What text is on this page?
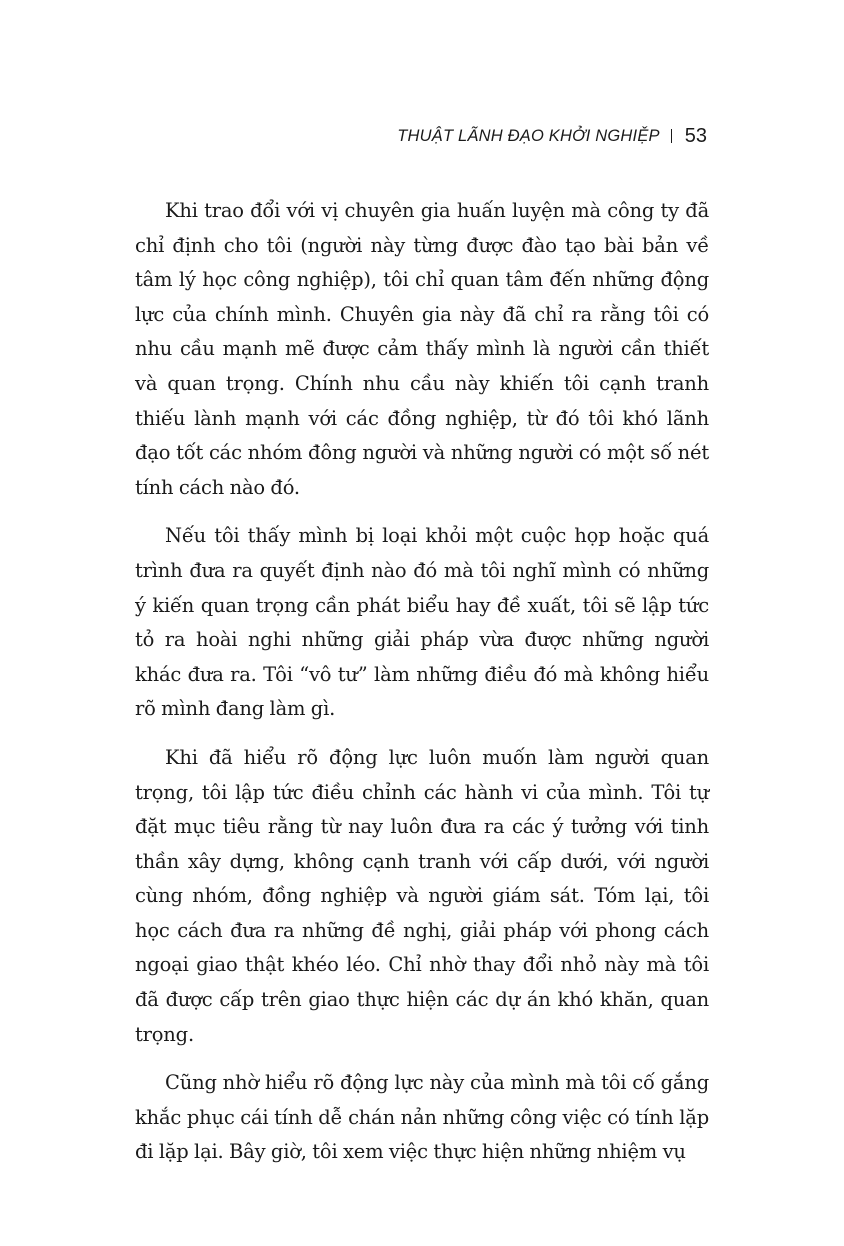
THUẬT LÃNH ĐẠO KHỞI NGHIỆP 53

Khi trao đổi với vị chuyên gia huấn luyện mà công ty đã chỉ định cho tôi (người này từng được đào tạo bài bản về tâm lý học công nghiệp), tôi chỉ quan tâm đến những động lực của chính mình. Chuyên gia này đã chỉ ra rằng tôi có nhu cầu mạnh mẽ được cảm thấy mình là người cần thiết và quan trọng. Chính nhu cầu này khiến tôi cạnh tranh thiếu lành mạnh với các đồng nghiệp, từ đó tôi khó lãnh đạo tốt các nhóm đông người và những người có một số nét tính cách nào đó.

Nếu tôi thấy mình bị loại khỏi một cuộc họp hoặc quá trình đưa ra quyết định nào đó mà tôi nghĩ mình có những ý kiến quan trọng cần phát biểu hay đề xuất, tôi sẽ lập tức tỏ ra hoài nghi những giải pháp vừa được những người khác đưa ra. Tôi “vô tư” làm những điều đó mà không hiểu rõ mình đang làm gì.

Khi đã hiểu rõ động lực luôn muốn làm người quan trọng, tôi lập tức điều chỉnh các hành vi của mình. Tôi tự đặt mục tiêu rằng từ nay luôn đưa ra các ý tưởng với tinh thần xây dựng, không cạnh tranh với cấp dưới, với người cùng nhóm, đồng nghiệp và người giám sát. Tóm lại, tôi học cách đưa ra những đề nghị, giải pháp với phong cách ngoại giao thật khéo léo. Chỉ nhờ thay đổi nhỏ này mà tôi đã được cấp trên giao thực hiện các dự án khó khăn, quan trọng.

Cũng nhờ hiểu rõ động lực này của mình mà tôi cố gắng khắc phục cái tính dễ chán nản những công việc có tính lặp đi lặp lại. Bây giờ, tôi xem việc thực hiện những nhiệm vụ
